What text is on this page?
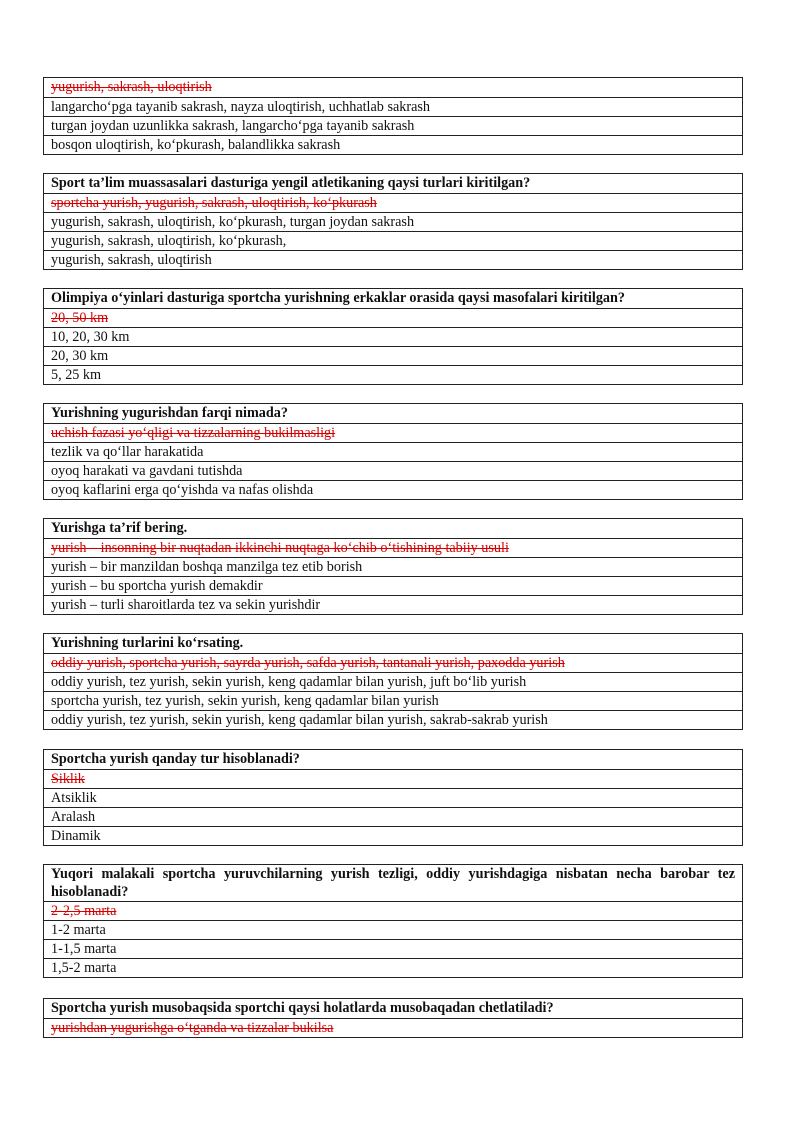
yugurish, sakrash, uloqtirish
langarcho‘pga tayanib sakrash, nayza uloqtirish, uchhatlab sakrash
turgan joydan uzunlikka sakrash, langarcho‘pga tayanib sakrash
bosqon uloqtirish, ko‘pkurash, balandlikka sakrash
Sport ta’lim muassasalari dasturiga yengil atletikaning qaysi turlari kiritilgan?
sportcha yurish, yugurish, sakrash, uloqtirish, ko‘pkurash
yugurish, sakrash, uloqtirish, ko‘pkurash, turgan joydan sakrash
yugurish, sakrash, uloqtirish, ko‘pkurash,
yugurish, sakrash, uloqtirish
Olimpiya o‘yinlari dasturiga sportcha yurishning erkaklar orasida qaysi masofalari kiritilgan?
20, 50 km
10, 20, 30 km
20, 30 km
5, 25 km
Yurishning yugurishdan farqi nimada?
uchish fazasi yo‘qligi va tizzalarning bukilmasligi
tezlik va qo‘llar harakatida
oyoq harakati va gavdani tutishda
oyoq kaflarini erga qo‘yishda va nafas olishda
Yurishga ta’rif bering.
yurish – insonning bir nuqtadan ikkinchi nuqtaga ko‘chib o‘tishining tabiiy usuli
yurish – bir manzildan boshqa manzilga tez etib borish
yurish – bu sportcha yurish demakdir
yurish – turli sharoitlarda tez va sekin yurishdir
Yurishning turlarini ko‘rsating.
oddiy yurish, sportcha yurish, sayrda yurish, safda yurish, tantanali yurish, paxodda yurish
oddiy yurish, tez yurish, sekin yurish, keng qadamlar bilan yurish, juft bo‘lib yurish
sportcha yurish, tez yurish, sekin yurish, keng qadamlar bilan yurish
oddiy yurish, tez yurish, sekin yurish, keng qadamlar bilan yurish, sakrab-sakrab yurish
Sportcha yurish qanday tur hisoblanadi?
Siklik
Atsiklik
Aralash
Dinamik
Yuqori malakali sportcha yuruvchilarning yurish tezligi, oddiy yurishdagiga nisbatan necha barobar tez hisoblanadi?
2-2,5 marta
1-2 marta
1-1,5 marta
1,5-2 marta
Sportcha yurish musobaqsida sportchi qaysi holatlarda musobaqadan chetlatiladi?
yurishdan yugurishga o‘tganda va tizzalar bukilsa
